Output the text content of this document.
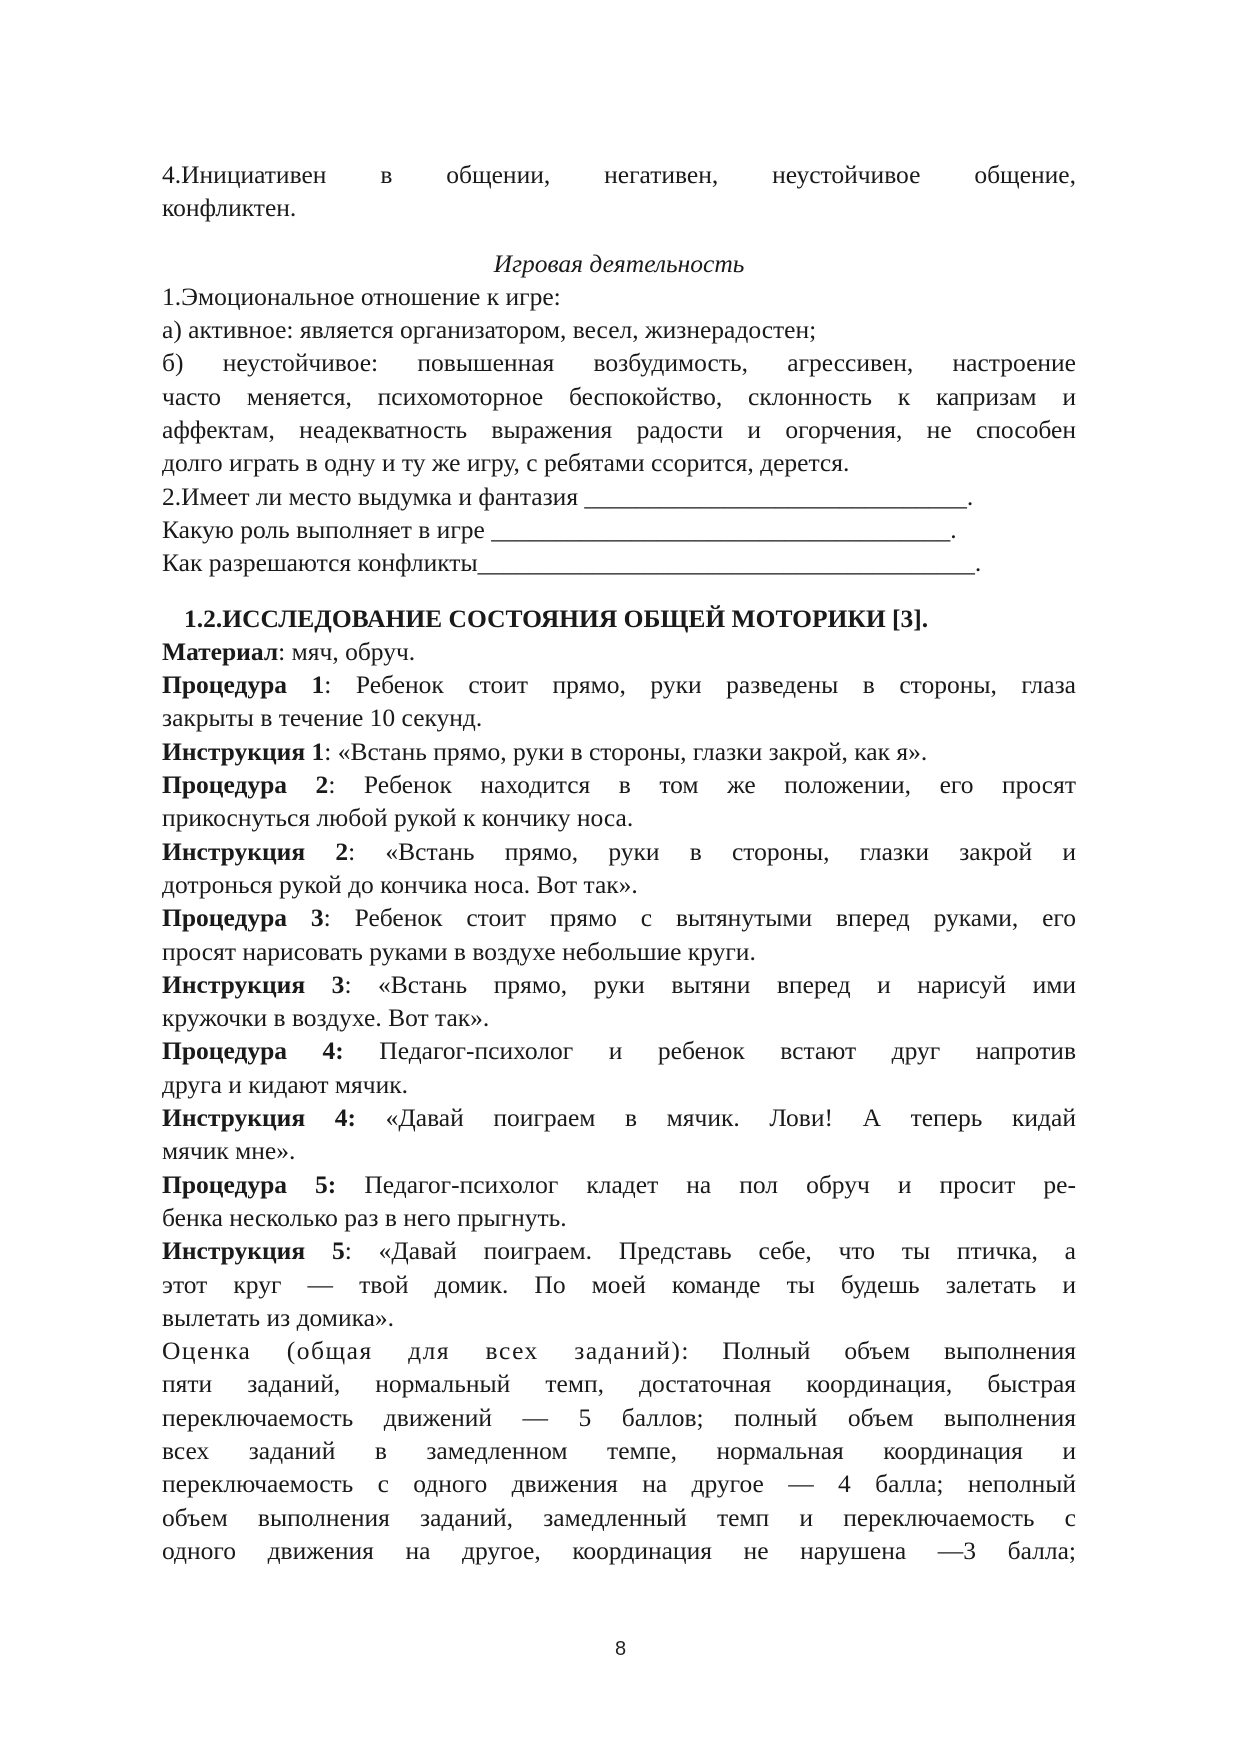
4.Инициативен в общении, негативен, неустойчивое общение,
конфликтен.
Игровая деятельность
1.Эмоциональное отношение к игре:
а) активное: является организатором, весел, жизнерадостен;
б) неустойчивое: повышенная возбудимость, агрессивен, настроение
часто меняется, психомоторное беспокойство, склонность к капризам и
аффектам, неадекватность выражения радости и огорчения, не способен
долго играть в одну и ту же игру, с ребятами ссорится, дерется.
2.Имеет ли место выдумка и фантазия ______________________________.
Какую роль выполняет в игре ____________________________________.
Как разрешаются конфликты_______________________________________.
1.2.ИССЛЕДОВАНИЕ СОСТОЯНИЯ ОБЩЕЙ МОТОРИКИ [3].
Материал: мяч, обруч.
Процедура 1: Ребенок стоит прямо, руки разведены в стороны, глаза
закрыты в течение 10 секунд.
Инструкция 1: «Встань прямо, руки в стороны, глазки закрой, как я».
Процедура 2: Ребенок находится в том же положении, его просят
прикоснуться любой рукой к кончику носа.
Инструкция 2: «Встань прямо, руки в стороны, глазки закрой и
дотронься рукой до кончика носа. Вот так».
Процедура 3: Ребенок стоит прямо с вытянутыми вперед руками, его
просят нарисовать руками в воздухе небольшие круги.
Инструкция 3: «Встань прямо, руки вытяни вперед и нарисуй ими
кружочки в воздухе. Вот так».
Процедура 4: Педагог-психолог и ребенок встают друг напротив
друга и кидают мячик.
Инструкция 4: «Давай поиграем в мячик. Лови! А теперь кидай
мячик мне».
Процедура 5: Педагог-психолог кладет на пол обруч и просит ре-
бенка несколько раз в него прыгнуть.
Инструкция 5: «Давай поиграем. Представь себе, что ты птичка, а
этот круг — твой домик. По моей команде ты будешь залетать и
вылетать из домика».
Оценка (общая для всех заданий): Полный объем выполнения
пяти заданий, нормальный темп, достаточная координация, быстрая
переключаемость движений — 5 баллов; полный объем выполнения
всех заданий в замедленном темпе, нормальная координация и
переключаемость с одного движения на другое — 4 балла; неполный
объем выполнения заданий, замедленный темп и переключаемость с
одного движения на другое, координация не нарушена —3 балла;
8
